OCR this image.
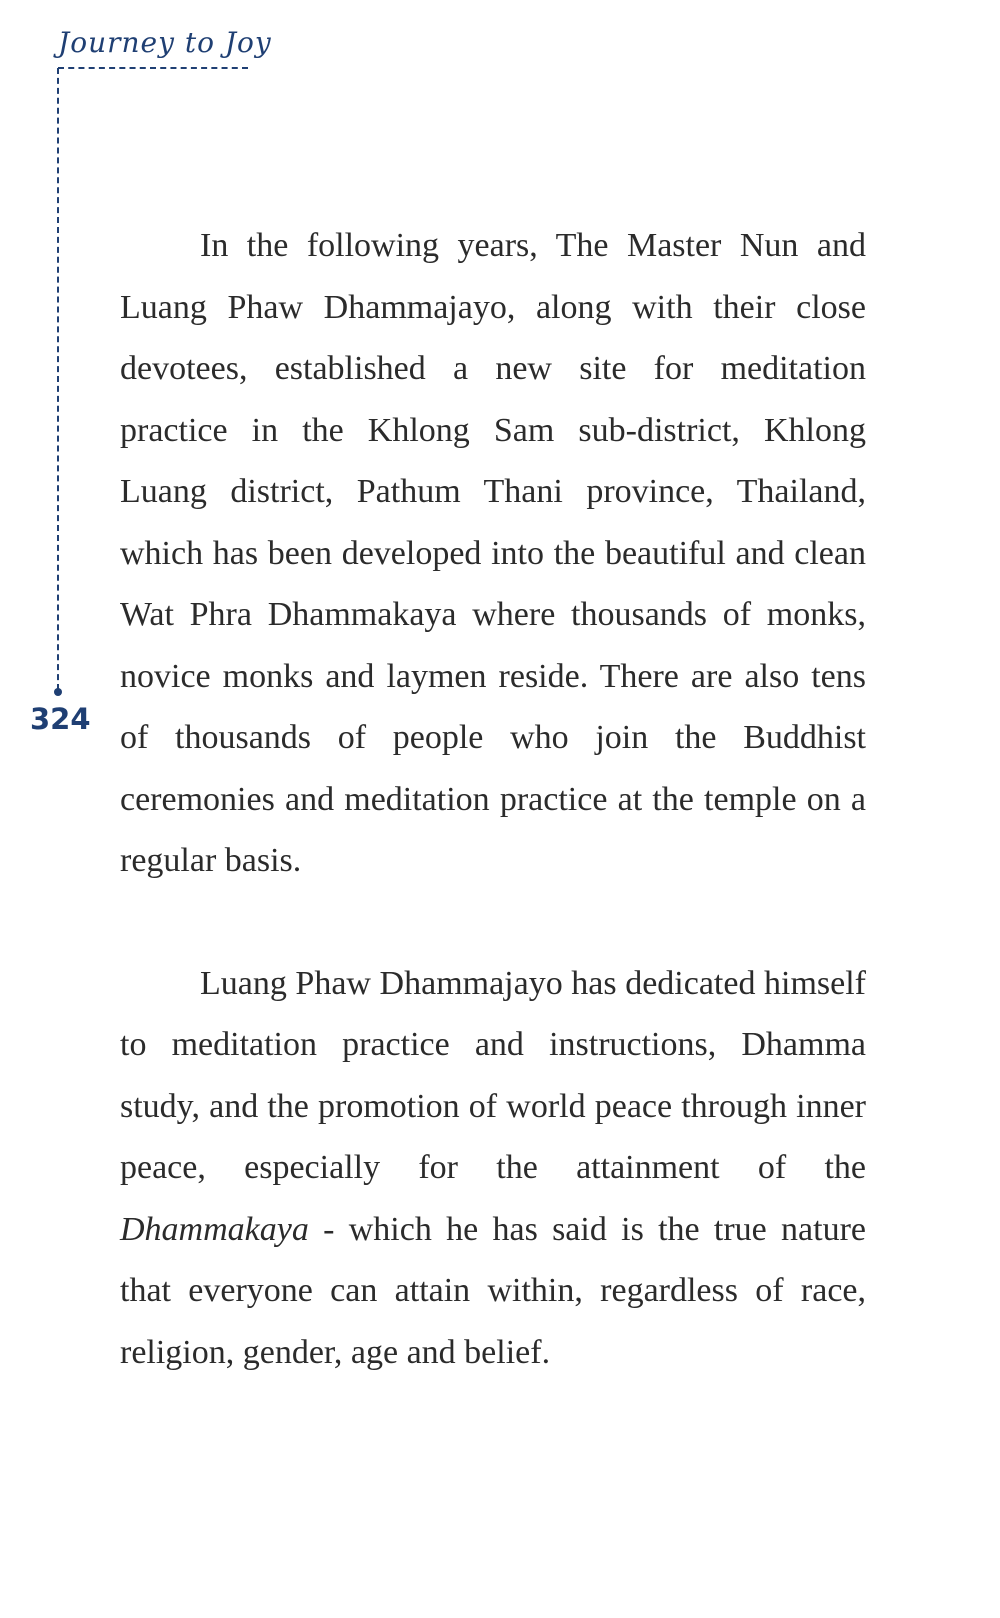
Journey to Joy
324

In the following years, The Master Nun and Luang Phaw Dhammajayo, along with their close devotees, established a new site for meditation practice in the Khlong Sam sub-district, Khlong Luang district, Pathum Thani province, Thailand, which has been developed into the beautiful and clean Wat Phra Dhammakaya where thousands of monks, novice monks and laymen reside. There are also tens of thousands of people who join the Buddhist ceremonies and meditation practice at the temple on a regular basis.

Luang Phaw Dhammajayo has dedicated himself to meditation practice and instructions, Dhamma study, and the promotion of world peace through inner peace, especially for the attainment of the Dhammakaya - which he has said is the true nature that everyone can attain within, regardless of race, religion, gender, age and belief.
